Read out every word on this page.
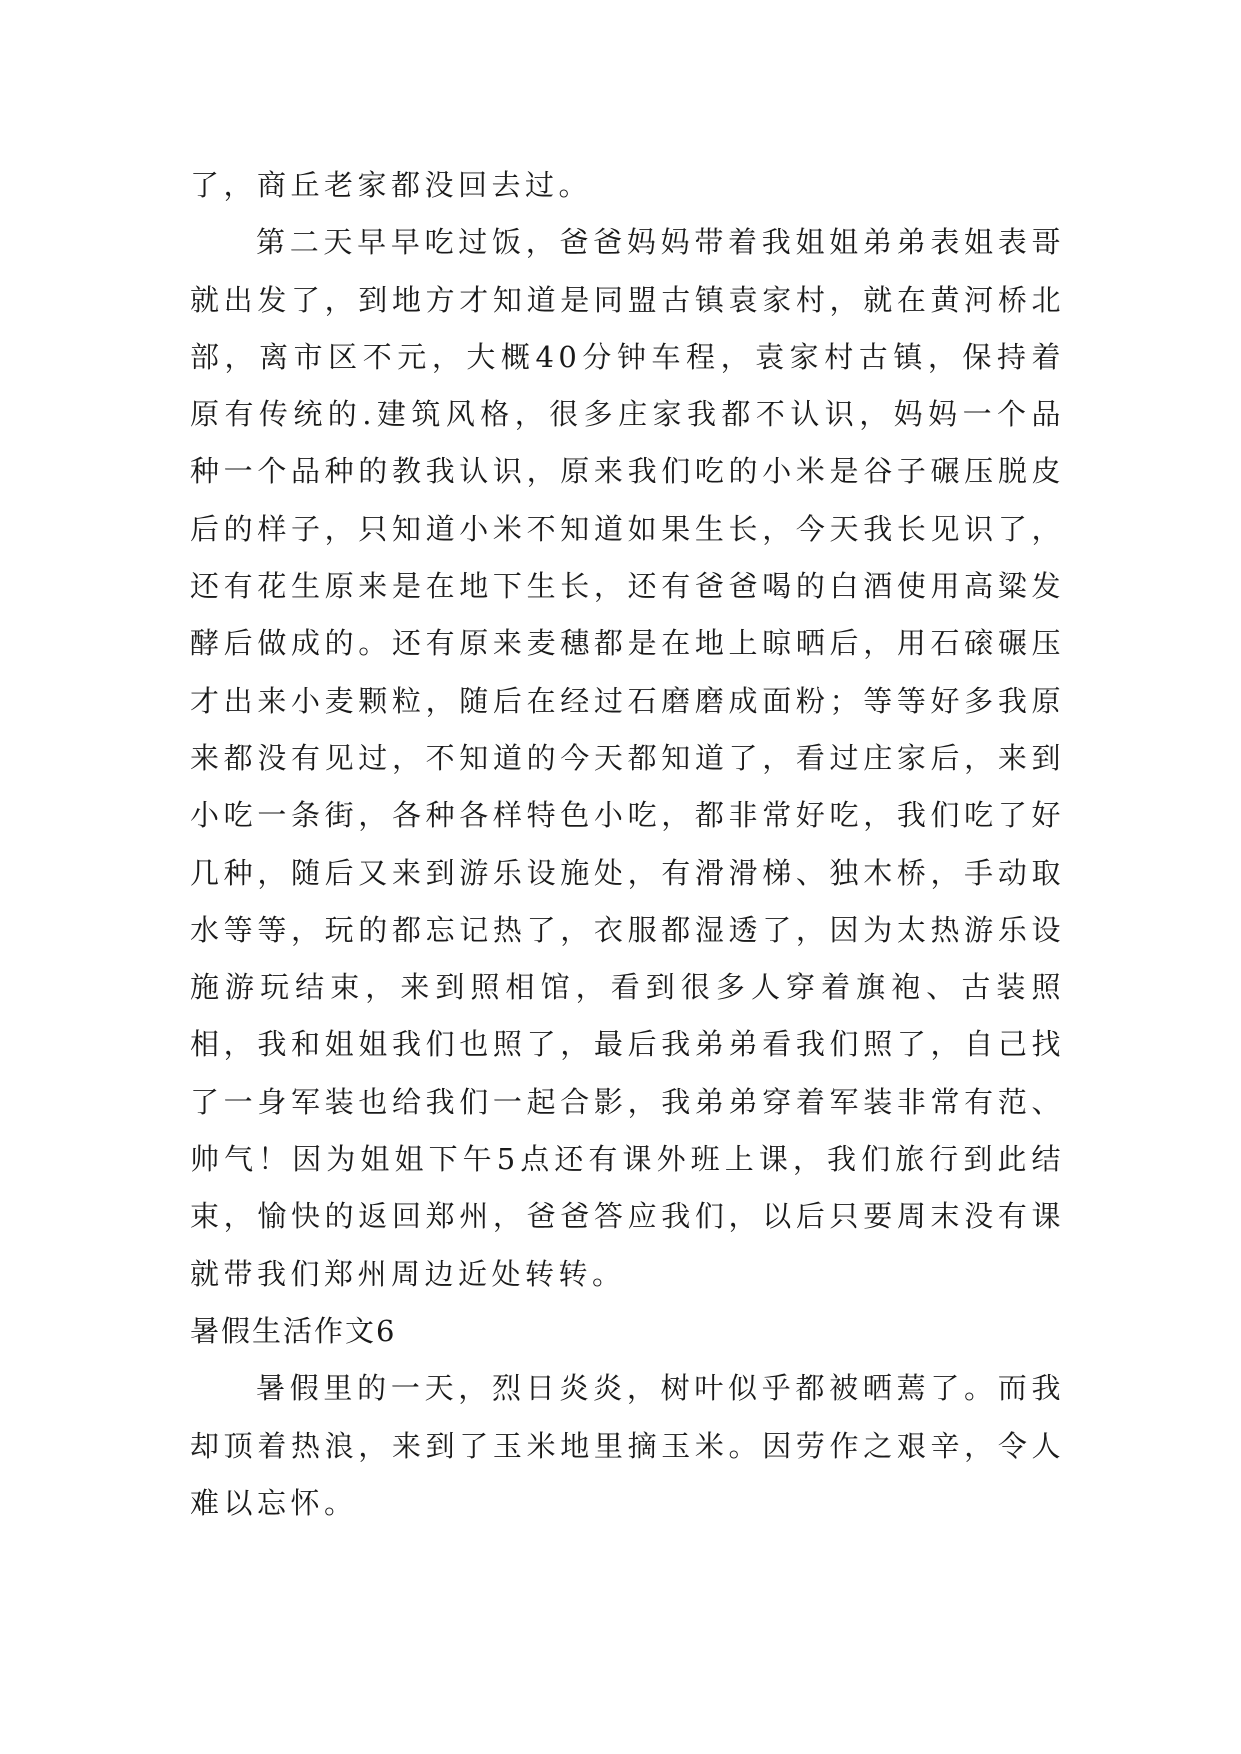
了，商丘老家都没回去过。

第二天早早吃过饭，爸爸妈妈带着我姐姐弟弟表姐表哥就出发了，到地方才知道是同盟古镇袁家村，就在黄河桥北部，离市区不元，大概40分钟车程，袁家村古镇，保持着原有传统的.建筑风格，很多庄家我都不认识，妈妈一个品种一个品种的教我认识，原来我们吃的小米是谷子碾压脱皮后的样子，只知道小米不知道如果生长，今天我长见识了，还有花生原来是在地下生长，还有爸爸喝的白酒使用高粱发酵后做成的。还有原来麦穗都是在地上晾晒后，用石磙碾压才出来小麦颗粒，随后在经过石磨磨成面粉；等等好多我原来都没有见过，不知道的今天都知道了，看过庄家后，来到小吃一条街，各种各样特色小吃，都非常好吃，我们吃了好几种，随后又来到游乐设施处，有滑滑梯、独木桥，手动取水等等，玩的都忘记热了，衣服都湿透了，因为太热游乐设施游玩结束，来到照相馆，看到很多人穿着旗袍、古装照相，我和姐姐我们也照了，最后我弟弟看我们照了，自己找了一身军装也给我们一起合影，我弟弟穿着军装非常有范、帅气！因为姐姐下午5点还有课外班上课，我们旅行到此结束，愉快的返回郑州，爸爸答应我们，以后只要周末没有课就带我们郑州周边近处转转。

暑假生活作文6

暑假里的一天，烈日炎炎，树叶似乎都被晒蔫了。而我却顶着热浪，来到了玉米地里摘玉米。因劳作之艰辛，令人难以忘怀。
